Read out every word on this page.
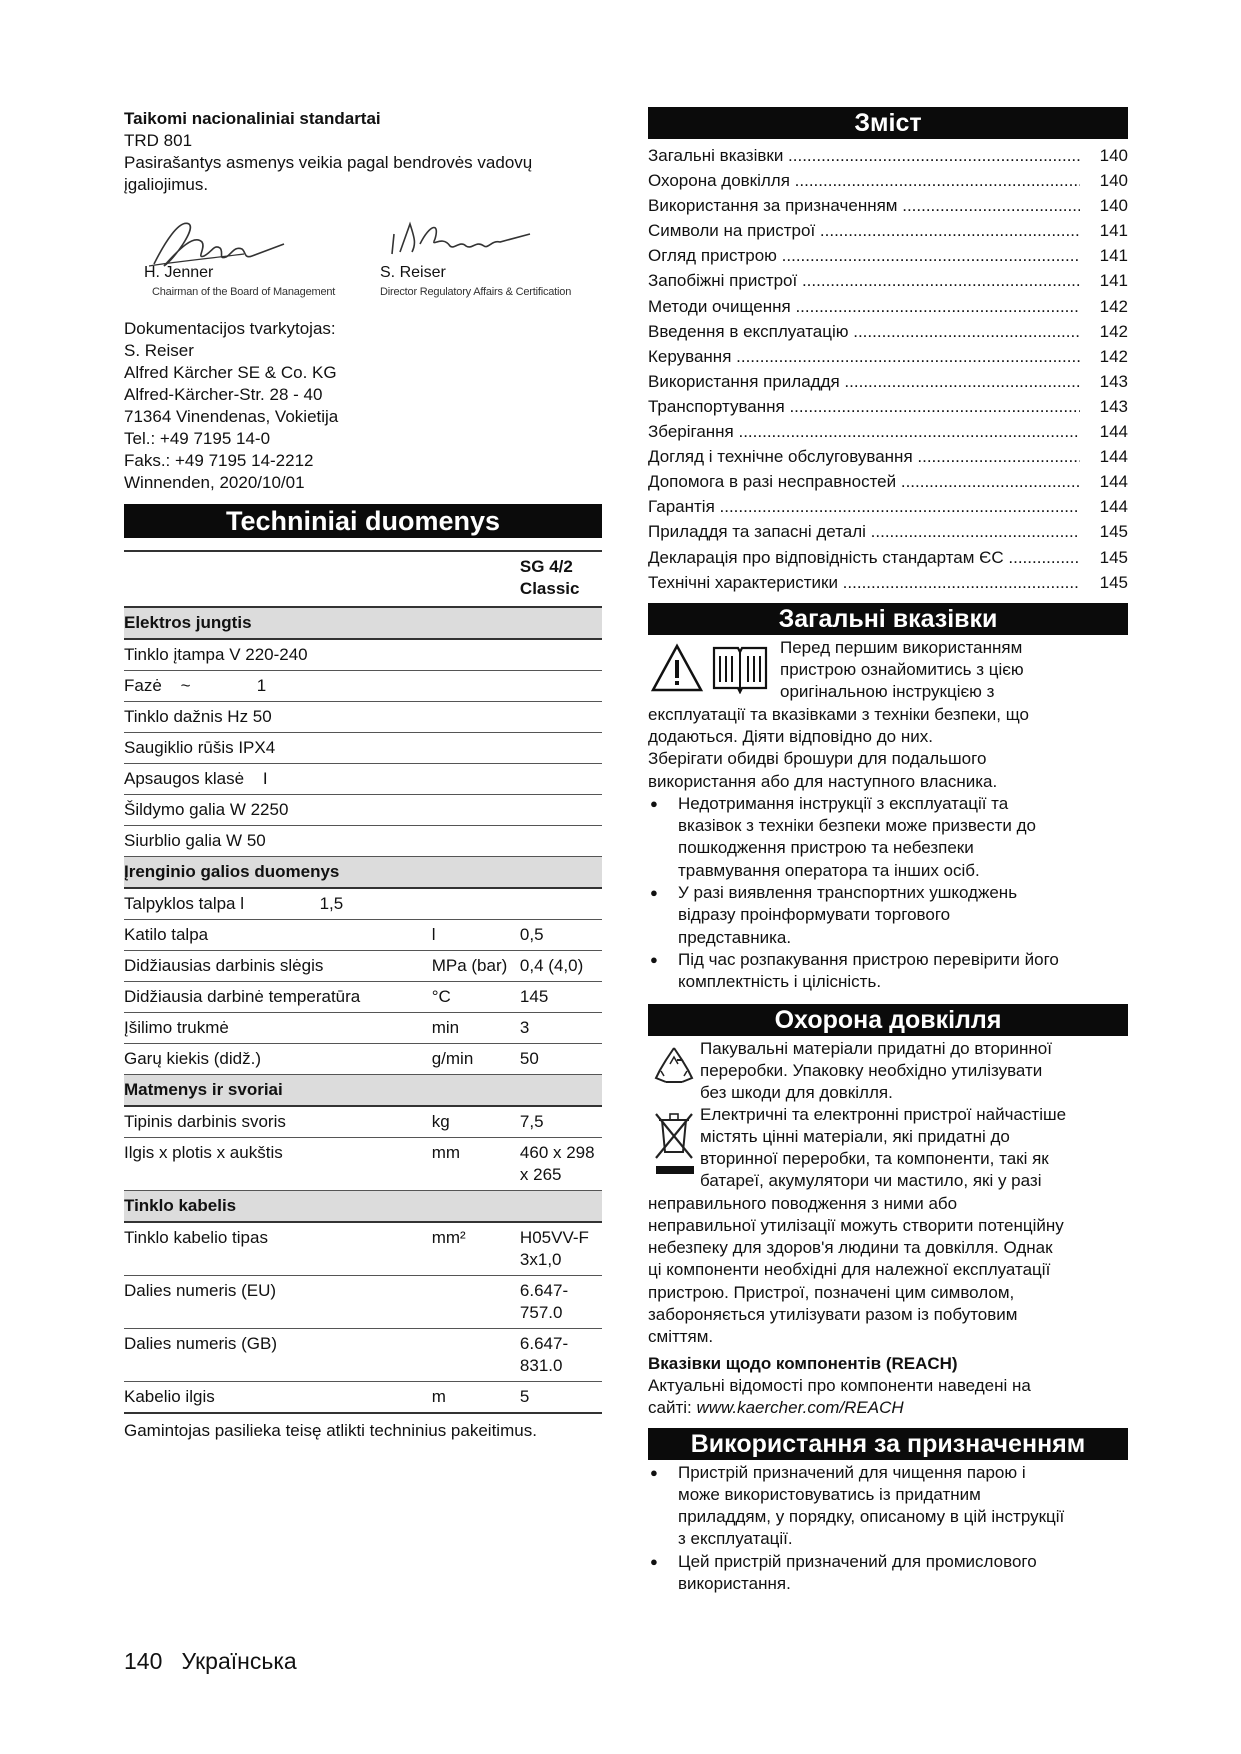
Taikomi nacionaliniai standartai
TRD 801
Pasirašantys asmenys veikia pagal bendrovės vadovų įgaliojimus.
H. Jenner
Chairman of the Board of Management
S. Reiser
Director Regulatory Affairs & Certification
Dokumentacijos tvarkytojas:
S. Reiser
Alfred Kärcher SE & Co. KG
Alfred-Kärcher-Str. 28 - 40
71364 Vinendenas, Vokietija
Tel.: +49 7195 14-0
Faks.: +49 7195 14-2212
Winnenden, 2020/10/01
Techniniai duomenys
		SG 4/2 Classic
Elektros jungtis		
Tinklo įtampa V 220-240		
Fazė    ~              1		
Tinklo dažnis Hz 50		
Saugiklio rūšis IPX4		
Apsaugos klasė    I		
Šildymo galia W 2250		
Siurblio galia W 50		
Įrenginio galios duomenys		
Talpyklos talpa l                1,5		
Katilo talpa	l	0,5
Didžiausias darbinis slėgis	MPa (bar)	0,4 (4,0)
Didžiausia darbinė temperatūra	°C	145
Įšilimo trukmė	min	3
Garų kiekis (didž.)	g/min	50
Matmenys ir svoriai		
Tipinis darbinis svoris	kg	7,5
Ilgis x plotis x aukštis	mm	460 x 298 x 265
Tinklo kabelis		
Tinklo kabelio tipas	mm²	H05VV-F 3x1,0
Dalies numeris (EU)		6.647-757.0
Dalies numeris (GB)		6.647-831.0
Kabelio ilgis	m	5
Gamintojas pasilieka teisę atlikti techninius pakeitimus.
140 Українська
Зміст
Загальні вказівки .....	140
Охорона довкілля .....	140
Використання за призначенням .....	140
Символи на пристрої .....	141
Огляд пристрою .....	141
Запобіжні пристрої .....	141
Методи очищення .....	142
Введення в експлуатацію .....	142
Керування .....	142
Використання приладдя .....	143
Транспортування .....	143
Зберігання .....	144
Догляд і технічне обслуговування .....	144
Допомога в разі несправностей .....	144
Гарантія .....	144
Приладдя та запасні деталі .....	145
Декларація про відповідність стандартам ЄС .....	145
Технічні характеристики .....	145
Загальні вказівки
Перед першим використанням
пристрою ознайомитись з цією
оригінальною інструкцією з
експлуатації та вказівками з техніки безпеки, що
додаються. Діяти відповідно до них.
Зберігати обидві брошури для подальшого
використання або для наступного власника.
● Недотримання інструкції з експлуатації та
вказівок з техніки безпеки може призвести до
пошкодження пристрою та небезпеки
травмування оператора та інших осіб.
● У разі виявлення транспортних ушкоджень
відразу проінформувати торгового
представника.
● Під час розпакування пристрою перевірити його
комплектність і цілісність.
Охорона довкілля
Пакувальні матеріали придатні до вторинної
переробки. Упаковку необхідно утилізувати
без шкоди для довкілля.
Електричні та електронні пристрої найчастіше
містять цінні матеріали, які придатні до
вторинної переробки, та компоненти, такі як
батареї, акумулятори чи мастило, які у разі
неправильного поводження з ними або
неправильної утилізації можуть створити потенційну
небезпеку для здоров'я людини та довкілля. Однак
ці компоненти необхідні для належної експлуатації
пристрою. Пристрої, позначені цим символом,
забороняється утилізувати разом із побутовим
сміттям.
Вказівки щодо компонентів (REACH)
Актуальні відомості про компоненти наведені на
сайті: www.kaercher.com/REACH
Використання за призначенням
● Пристрій призначений для чищення парою і
може використовуватись із придатним
приладдям, у порядку, описаному в цій інструкції
з експлуатації.
● Цей пристрій призначений для промислового
використання.
